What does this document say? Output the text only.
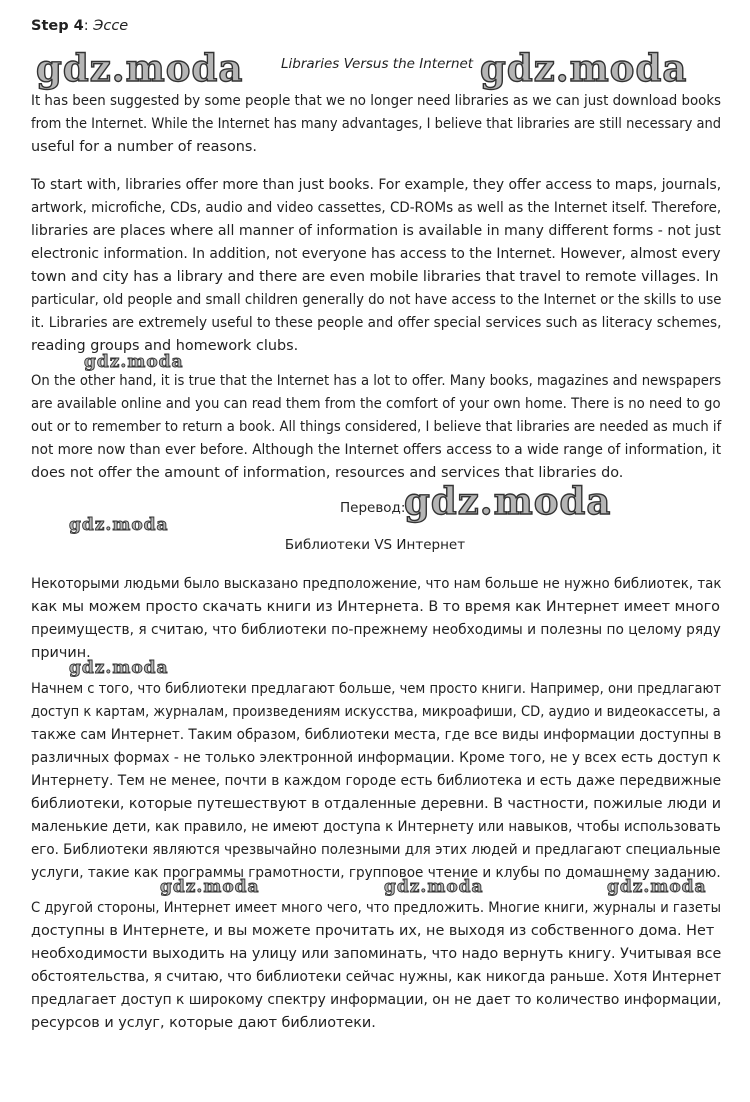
Step 4: Эссе
gdz.moda	gdz.moda
gdz.moda
gdz.moda
gdz.moda
gdz.moda
gdz.moda	gdz.moda	gdz.moda
Libraries Versus the Internet
It has been suggested by some people that we no longer need libraries as we can just download books
from the Internet. While the Internet has many advantages, I believe that libraries are still necessary and
useful for a number of reasons.
To start with, libraries offer more than just books. For example, they offer access to maps, journals,
artwork, microfiche, CDs, audio and video cassettes, CD-ROMs as well as the Internet itself. Therefore,
libraries are places where all manner of information is available in many different forms - not just
electronic information. In addition, not everyone has access to the Internet. However, almost every
town and city has a library and there are even mobile libraries that travel to remote villages. In
particular, old people and small children generally do not have access to the Internet or the skills to use
it. Libraries are extremely useful to these people and offer special services such as literacy schemes,
reading groups and homework clubs.
On the other hand, it is true that the Internet has a lot to offer. Many books, magazines and newspapers
are available online and you can read them from the comfort of your own home. There is no need to go
out or to remember to return a book. All things considered, I believe that libraries are needed as much if
not more now than ever before. Although the Internet offers access to a wide range of information, it
does not offer the amount of information, resources and services that libraries do.
Перевод:
Библиотеки VS Интернет
Некоторыми людьми было высказано предположение, что нам больше не нужно библиотек, так
как мы можем просто скачать книги из Интернета. В то время как Интернет имеет много
преимуществ, я считаю, что библиотеки по-прежнему необходимы и полезны по целому ряду
причин.
Начнем с того, что библиотеки предлагают больше, чем просто книги. Например, они предлагают
доступ к картам, журналам, произведениям искусства, микроафиши, CD, аудио и видеокассеты, а
также сам Интернет. Таким образом, библиотеки места, где все виды информации доступны в
различных формах - не только электронной информации. Кроме того, не у всех есть доступ к
Интернету. Тем не менее, почти в каждом городе есть библиотека и есть даже передвижные
библиотеки, которые путешествуют в отдаленные деревни. В частности, пожилые люди и
маленькие дети, как правило, не имеют доступа к Интернету или навыков, чтобы использовать
его. Библиотеки являются чрезвычайно полезными для этих людей и предлагают специальные
услуги, такие как программы грамотности, групповое чтение и клубы по домашнему заданию.
С другой стороны, Интернет имеет много чего, что предложить. Многие книги, журналы и газеты
доступны в Интернете, и вы можете прочитать их, не выходя из собственного дома. Нет
необходимости выходить на улицу или запоминать, что надо вернуть книгу. Учитывая все
обстоятельства, я считаю, что библиотеки сейчас нужны, как никогда раньше. Хотя Интернет
предлагает доступ к широкому спектру информации, он не дает то количество информации,
ресурсов и услуг, которые дают библиотеки.
